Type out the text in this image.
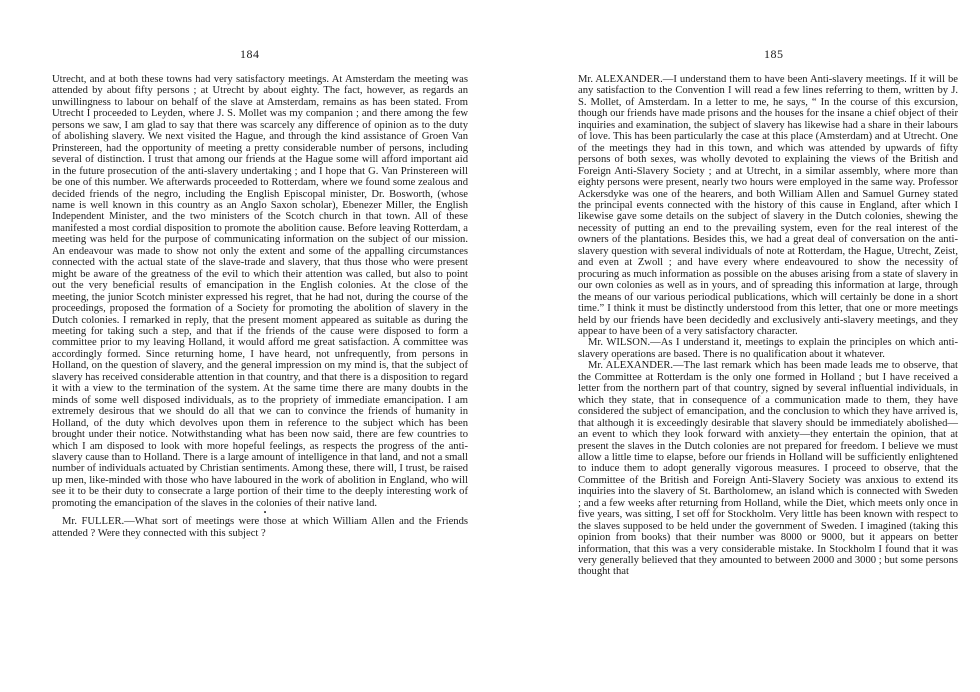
184

Utrecht, and at both these towns had very satisfactory meetings. At Amsterdam the meeting was attended by about fifty persons ; at Utrecht by about eighty. The fact, however, as regards an unwillingness to labour on behalf of the slave at Amsterdam, remains as has been stated. From Utrecht I proceeded to Leyden, where J. S. Mollet was my companion ; and there among the few persons we saw, I am glad to say that there was scarcely any difference of opinion as to the duty of abolishing slavery. We next visited the Hague, and through the kind assistance of Groen Van Prinstereen, had the opportunity of meeting a pretty considerable number of persons, including several of distinction. I trust that among our friends at the Hague some will afford important aid in the future prosecution of the anti-slavery undertaking ; and I hope that G. Van Prinstereen will be one of this number. We afterwards proceeded to Rotterdam, where we found some zealous and decided friends of the negro, including the English Episcopal minister, Dr. Bosworth, (whose name is well known in this country as an Anglo Saxon scholar), Ebenezer Miller, the English Independent Minister, and the two ministers of the Scotch church in that town. All of these manifested a most cordial disposition to promote the abolition cause. Before leaving Rotterdam, a meeting was held for the purpose of communicating information on the subject of our mission. An endeavour was made to show not only the extent and some of the appalling circumstances connected with the actual state of the slave-trade and slavery, that thus those who were present might be aware of the greatness of the evil to which their attention was called, but also to point out the very beneficial results of emancipation in the English colonies. At the close of the meeting, the junior Scotch minister expressed his regret, that he had not, during the course of the proceedings, proposed the formation of a Society for promoting the abolition of slavery in the Dutch colonies. I remarked in reply, that the present moment appeared as suitable as during the meeting for taking such a step, and that if the friends of the cause were disposed to form a committee prior to my leaving Holland, it would afford me great satisfaction. A committee was accordingly formed. Since returning home, I have heard, not unfrequently, from persons in Holland, on the question of slavery, and the general impression on my mind is, that the subject of slavery has received considerable attention in that country, and that there is a disposition to regard it with a view to the termination of the system. At the same time there are many doubts in the minds of some well disposed individuals, as to the propriety of immediate emancipation. I am extremely desirous that we should do all that we can to convince the friends of humanity in Holland, of the duty which devolves upon them in reference to the subject which has been brought under their notice. Notwithstanding what has been now said, there are few countries to which I am disposed to look with more hopeful feelings, as respects the progress of the anti-slavery cause than to Holland. There is a large amount of intelligence in that land, and not a small number of individuals actuated by Christian sentiments. Among these, there will, I trust, be raised up men, like-minded with those who have laboured in the work of abolition in England, who will see it to be their duty to consecrate a large portion of their time to the deeply interesting work of promoting the emancipation of the slaves in the colonies of their native land.

•

Mr. FULLER.—What sort of meetings were those at which William Allen and the Friends attended ? Were they connected with this subject ?

185

Mr. ALEXANDER.—I understand them to have been Anti-slavery meetings. If it will be any satisfaction to the Convention I will read a few lines referring to them, written by J. S. Mollet, of Amsterdam. In a letter to me, he says, “ In the course of this excursion, though our friends have made prisons and the houses for the insane a chief object of their inquiries and examination, the subject of slavery has likewise had a share in their labours of love. This has been particularly the case at this place (Amsterdam) and at Utrecht. One of the meetings they had in this town, and which was attended by upwards of fifty persons of both sexes, was wholly devoted to explaining the views of the British and Foreign Anti-Slavery Society ; and at Utrecht, in a similar assembly, where more than eighty persons were present, nearly two hours were employed in the same way. Professor Ackersdyke was one of the hearers, and both William Allen and Samuel Gurney stated the principal events connected with the history of this cause in England, after which I likewise gave some details on the subject of slavery in the Dutch colonies, shewing the necessity of putting an end to the prevailing system, even for the real interest of the owners of the plantations. Besides this, we had a great deal of conversation on the anti-slavery question with several individuals of note at Rotterdam, the Hague, Utrecht, Zeist, and even at Zwoll ; and have every where endeavoured to show the necessity of procuring as much information as possible on the abuses arising from a state of slavery in our own colonies as well as in yours, and of spreading this information at large, through the means of our various periodical publications, which will certainly be done in a short time.” I think it must be distinctly understood from this letter, that one or more meetings held by our friends have been decidedly and exclusively anti-slavery meetings, and they appear to have been of a very satisfactory character.

Mr. WILSON.—As I understand it, meetings to explain the principles on which anti-slavery operations are based. There is no qualification about it whatever.

Mr. ALEXANDER.—The last remark which has been made leads me to observe, that the Committee at Rotterdam is the only one formed in Holland ; but I have received a letter from the northern part of that country, signed by several influential individuals, in which they state, that in consequence of a communication made to them, they have considered the subject of emancipation, and the conclusion to which they have arrived is, that although it is exceedingly desirable that slavery should be immediately abolished—an event to which they look forward with anxiety—they entertain the opinion, that at present the slaves in the Dutch colonies are not prepared for freedom. I believe we must allow a little time to elapse, before our friends in Holland will be sufficiently enlightened to induce them to adopt generally vigorous measures. I proceed to observe, that the Committee of the British and Foreign Anti-Slavery Society was anxious to extend its inquiries into the slavery of St. Bartholomew, an island which is connected with Sweden ; and a few weeks after returning from Holland, while the Diet, which meets only once in five years, was sitting, I set off for Stockholm. Very little has been known with respect to the slaves supposed to be held under the government of Sweden. I imagined (taking this opinion from books) that their number was 8000 or 9000, but it appears on better information, that this was a very considerable mistake. In Stockholm I found that it was very generally believed that they amounted to between 2000 and 3000 ; but some persons thought that
